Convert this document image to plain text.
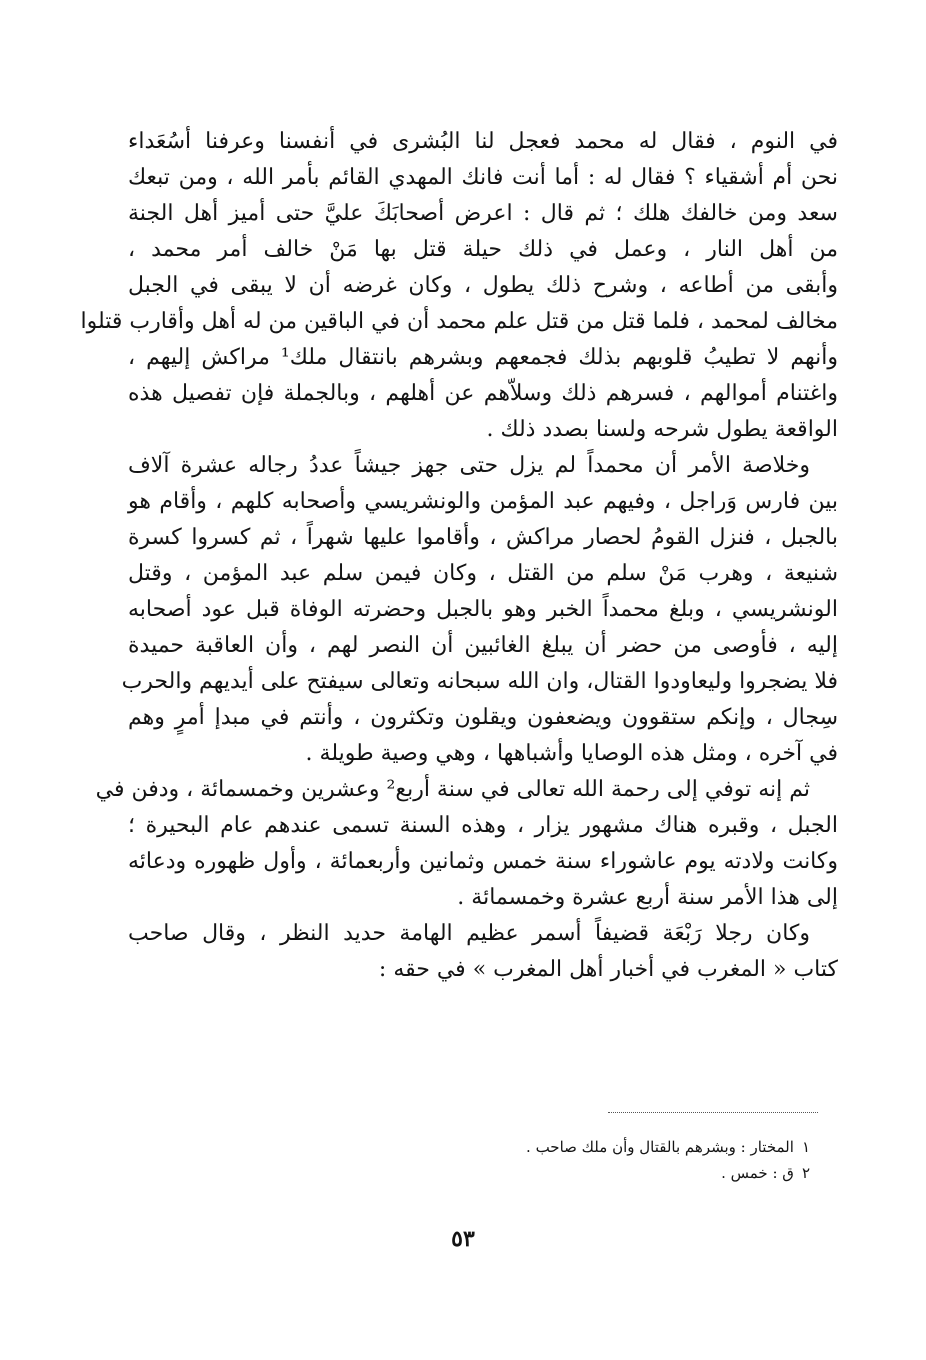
في النوم ، فقال له محمد فعجل لنا البُشرى في أنفسنا وعرفنا أسُعَداء
نحن أم أشقياء ؟ فقال له : أما أنت فانك المهدي القائم بأمر الله ، ومن تبعك
سعد ومن خالفك هلك ؛ ثم قال : اعرض أصحابَكَ عليَّ حتى أميز أهل الجنة
من أهل النار ، وعمل في ذلك حيلة قتل بها مَنْ خالف أمر محمد ،
وأبقى من أطاعه ، وشرح ذلك يطول ، وكان غرضه أن لا يبقى في الجبل
مخالف لمحمد ، فلما قتل من قتل علم محمد أن في الباقين من له أهل وأقارب قتلوا
وأنهم لا تطيبُ قلوبهم بذلك فجمعهم وبشرهم بانتقال ملك¹ مراكش إليهم ،
واغتنام أموالهم ، فسرهم ذلك وسلاّهم عن أهلهم ، وبالجملة فإن تفصيل هذه
الواقعة يطول شرحه ولسنا بصدد ذلك .
وخلاصة الأمر أن محمداً لم يزل حتى جهز جيشاً عددُ رجاله عشرة آلاف
بين فارس وَراجل ، وفيهم عبد المؤمن والونشريسي وأصحابه كلهم ، وأقام هو
بالجبل ، فنزل القومُ لحصار مراكش ، وأقاموا عليها شهراً ، ثم كسروا كسرة
شنيعة ، وهرب مَنْ سلم من القتل ، وكان فيمن سلم عبد المؤمن ، وقتل
الونشريسي ، وبلغ محمداً الخبر وهو بالجبل وحضرته الوفاة قبل عود أصحابه
إليه ، فأوصى من حضر أن يبلغ الغائبين أن النصر لهم ، وأن العاقبة حميدة
فلا يضجروا وليعاودوا القتال، وان الله سبحانه وتعالى سيفتح على أيديهم والحرب
سِجال ، وإنكم ستقوون ويضعفون ويقلون وتكثرون ، وأنتم في مبدإ أمرٍ وهم
في آخره ، ومثل هذه الوصايا وأشباهها ، وهي وصية طويلة .
ثم إنه توفي إلى رحمة الله تعالى في سنة أربع² وعشرين وخمسمائة ، ودفن في
الجبل ، وقبره هناك مشهور يزار ، وهذه السنة تسمى عندهم عام البحيرة ؛
وكانت ولادته يوم عاشوراء سنة خمس وثمانين وأربعمائة ، وأول ظهوره ودعائه
إلى هذا الأمر سنة أربع عشرة وخمسمائة .
وكان رجلا رَبْعَة قضيفاً أسمر عظيم الهامة حديد النظر ، وقال صاحب
كتاب « المغرب في أخبار أهل المغرب » في حقه :
١المختار : وبشرهم بالقتال وأن ملك صاحب .
٢ق : خمس .
٥٣
